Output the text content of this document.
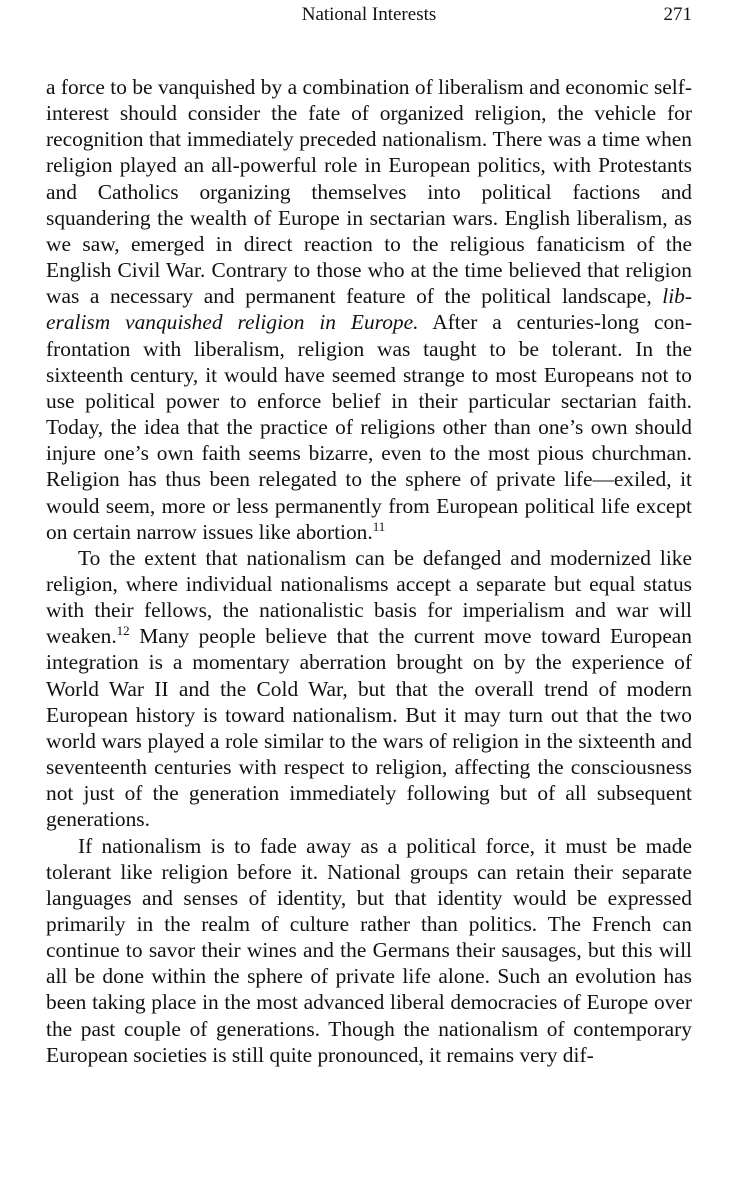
National Interests	271

a force to be vanquished by a combination of liberalism and economic self-interest should consider the fate of organized religion, the vehicle for recognition that immediately preceded nationalism. There was a time when religion played an all-powerful role in European politics, with Protestants and Catholics organizing themselves into political factions and squandering the wealth of Europe in sectarian wars. English liberalism, as we saw, emerged in direct reaction to the religious fanaticism of the English Civil War. Contrary to those who at the time believed that religion was a necessary and permanent feature of the political landscape, liberalism vanquished religion in Europe. After a centuries-long confrontation with liberalism, religion was taught to be tolerant. In the sixteenth century, it would have seemed strange to most Europeans not to use political power to enforce belief in their particular sectarian faith. Today, the idea that the practice of religions other than one’s own should injure one’s own faith seems bizarre, even to the most pious churchman. Religion has thus been relegated to the sphere of private life—exiled, it would seem, more or less permanently from European political life except on certain narrow issues like abortion.$^{11}$

To the extent that nationalism can be defanged and modernized like religion, where individual nationalisms accept a separate but equal status with their fellows, the nationalistic basis for imperialism and war will weaken.$^{12}$ Many people believe that the current move toward European integration is a momentary aberration brought on by the experience of World War II and the Cold War, but that the overall trend of modern European history is toward nationalism. But it may turn out that the two world wars played a role similar to the wars of religion in the sixteenth and seventeenth centuries with respect to religion, affecting the consciousness not just of the generation immediately following but of all subsequent generations.

If nationalism is to fade away as a political force, it must be made tolerant like religion before it. National groups can retain their separate languages and senses of identity, but that identity would be expressed primarily in the realm of culture rather than politics. The French can continue to savor their wines and the Germans their sausages, but this will all be done within the sphere of private life alone. Such an evolution has been taking place in the most advanced liberal democracies of Europe over the past couple of generations. Though the nationalism of contemporary European societies is still quite pronounced, it remains very dif-
